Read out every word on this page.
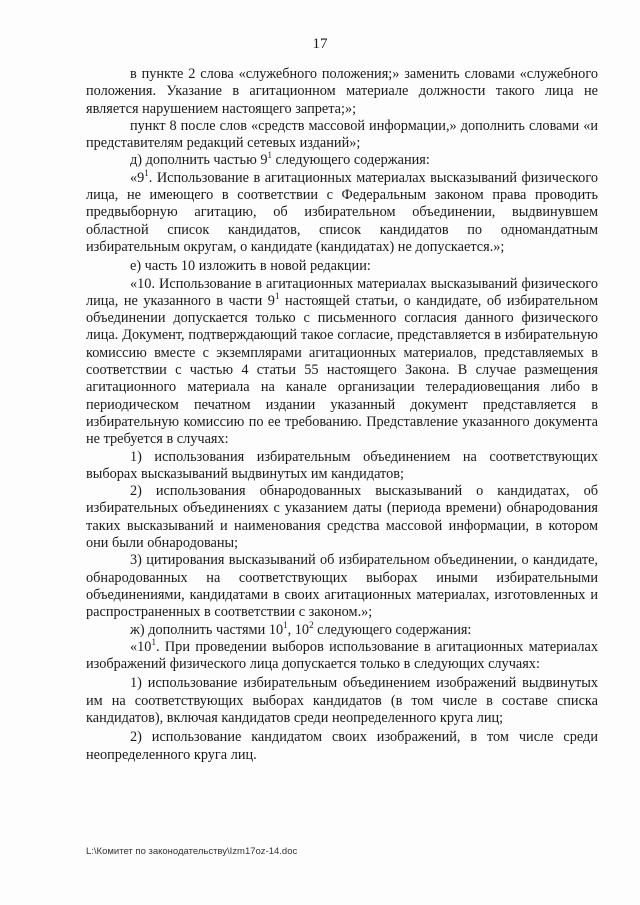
17

в пункте 2 слова «служебного положения;» заменить словами «служебного положения. Указание в агитационном материале должности такого лица не является нарушением настоящего запрета;»;

пункт 8 после слов «средств массовой информации,» дополнить словами «и представителям редакций сетевых изданий»;

д) дополнить частью $9^1$ следующего содержания:

«$9^1$. Использование в агитационных материалах высказываний физического лица, не имеющего в соответствии с Федеральным законом права проводить предвыборную агитацию, об избирательном объединении, выдвинувшем областной список кандидатов, список кандидатов по одномандатным избирательным округам, о кандидате (кандидатах) не допускается.»;

е) часть 10 изложить в новой редакции:

«10. Использование в агитационных материалах высказываний физического лица, не указанного в части $9^1$ настоящей статьи, о кандидате, об избирательном объединении допускается только с письменного согласия данного физического лица. Документ, подтверждающий такое согласие, представляется в избирательную комиссию вместе с экземплярами агитационных материалов, представляемых в соответствии с частью 4 статьи 55 настоящего Закона. В случае размещения агитационного материала на канале организации телерадиовещания либо в периодическом печатном издании указанный документ представляется в избирательную комиссию по ее требованию. Представление указанного документа не требуется в случаях:

1) использования избирательным объединением на соответствующих выборах высказываний выдвинутых им кандидатов;

2) использования обнародованных высказываний о кандидатах, об избирательных объединениях с указанием даты (периода времени) обнародования таких высказываний и наименования средства массовой информации, в котором они были обнародованы;

3) цитирования высказываний об избирательном объединении, о кандидате, обнародованных на соответствующих выборах иными избирательными объединениями, кандидатами в своих агитационных материалах, изготовленных и распространенных в соответствии с законом.»;

ж) дополнить частями $10^1$, $10^2$ следующего содержания:

«$10^1$. При проведении выборов использование в агитационных материалах изображений физического лица допускается только в следующих случаях:

1) использование избирательным объединением изображений выдвинутых им на соответствующих выборах кандидатов (в том числе в составе списка кандидатов), включая кандидатов среди неопределенного круга лиц;

2) использование кандидатом своих изображений, в том числе среди неопределенного круга лиц.

L:\Комитет по законодательству\Izm17oz-14.doc
